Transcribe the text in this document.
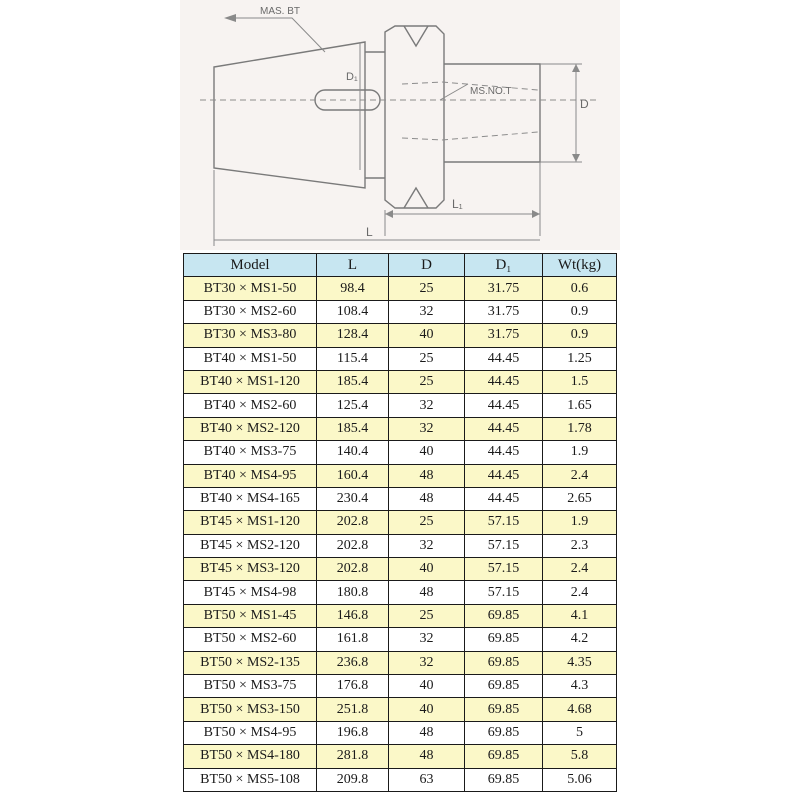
MAS. BT
MS.NO.T
D
D₁
L₁
L
Model	L	D	D₁	Wt(kg)
BT30 × MS1-50	98.4	25	31.75	0.6
BT30 × MS2-60	108.4	32	31.75	0.9
BT30 × MS3-80	128.4	40	31.75	0.9
BT40 × MS1-50	115.4	25	44.45	1.25
BT40 × MS1-120	185.4	25	44.45	1.5
BT40 × MS2-60	125.4	32	44.45	1.65
BT40 × MS2-120	185.4	32	44.45	1.78
BT40 × MS3-75	140.4	40	44.45	1.9
BT40 × MS4-95	160.4	48	44.45	2.4
BT40 × MS4-165	230.4	48	44.45	2.65
BT45 × MS1-120	202.8	25	57.15	1.9
BT45 × MS2-120	202.8	32	57.15	2.3
BT45 × MS3-120	202.8	40	57.15	2.4
BT45 × MS4-98	180.8	48	57.15	2.4
BT50 × MS1-45	146.8	25	69.85	4.1
BT50 × MS2-60	161.8	32	69.85	4.2
BT50 × MS2-135	236.8	32	69.85	4.35
BT50 × MS3-75	176.8	40	69.85	4.3
BT50 × MS3-150	251.8	40	69.85	4.68
BT50 × MS4-95	196.8	48	69.85	5
BT50 × MS4-180	281.8	48	69.85	5.8
BT50 × MS5-108	209.8	63	69.85	5.06
